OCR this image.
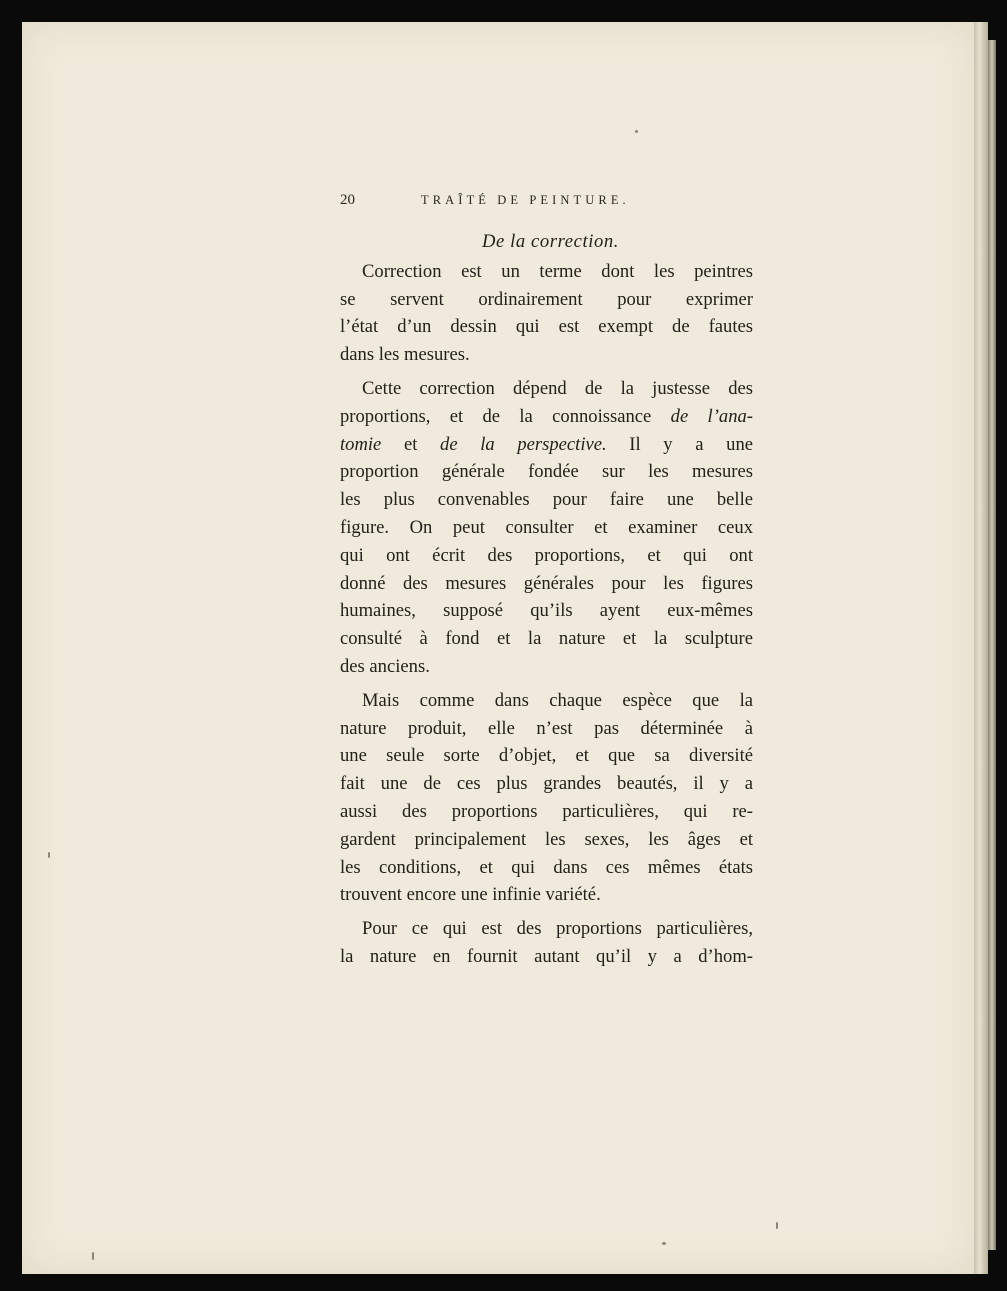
20	TRAÎTÉ DE PEINTURE.
De la correction.
Correction est un terme dont les peintres
se servent ordinairement pour exprimer
l’état d’un dessin qui est exempt de fautes
dans les mesures.
Cette correction dépend de la justesse des
proportions, et de la connoissance de l’ana-
tomie et de la perspective. Il y a une
proportion générale fondée sur les mesures
les plus convenables pour faire une belle
figure. On peut consulter et examiner ceux
qui ont écrit des proportions, et qui ont
donné des mesures générales pour les figures
humaines, supposé qu’ils ayent eux-mêmes
consulté à fond et la nature et la sculpture
des anciens.
Mais comme dans chaque espèce que la
nature produit, elle n’est pas déterminée à
une seule sorte d’objet, et que sa diversité
fait une de ces plus grandes beautés, il y a
aussi des proportions particulières, qui re-
gardent principalement les sexes, les âges et
les conditions, et qui dans ces mêmes états
trouvent encore une infinie variété.
Pour ce qui est des proportions particulières,
la nature en fournit autant qu’il y a d’hom-
